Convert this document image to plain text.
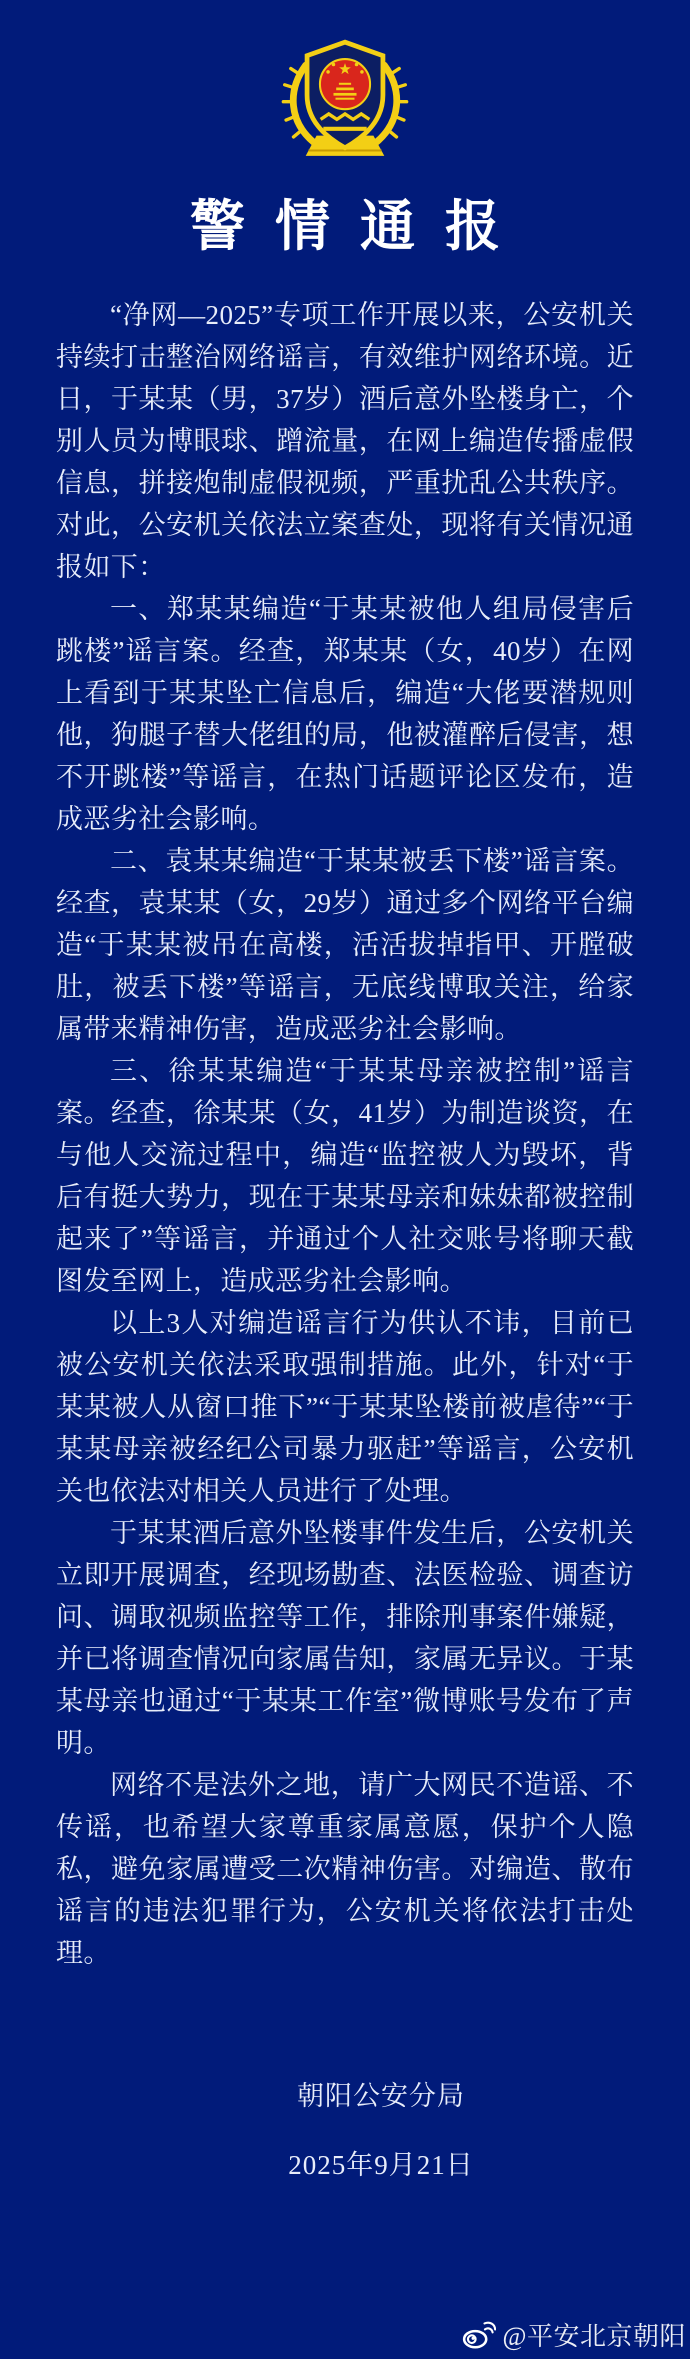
警情通报

“净网—2025”专项工作开展以来，公安机关持续打击整治网络谣言，有效维护网络环境。近日，于某某（男，37岁）酒后意外坠楼身亡，个别人员为博眼球、蹭流量，在网上编造传播虚假信息，拼接炮制虚假视频，严重扰乱公共秩序。对此，公安机关依法立案查处，现将有关情况通报如下：

一、郑某某编造“于某某被他人组局侵害后跳楼”谣言案。经查，郑某某（女，40岁）在网上看到于某某坠亡信息后，编造“大佬要潜规则他，狗腿子替大佬组的局，他被灌醉后侵害，想不开跳楼”等谣言，在热门话题评论区发布，造成恶劣社会影响。

二、袁某某编造“于某某被丢下楼”谣言案。经查，袁某某（女，29岁）通过多个网络平台编造“于某某被吊在高楼，活活拔掉指甲、开膛破肚，被丢下楼”等谣言，无底线博取关注，给家属带来精神伤害，造成恶劣社会影响。

三、徐某某编造“于某某母亲被控制”谣言案。经查，徐某某（女，41岁）为制造谈资，在与他人交流过程中，编造“监控被人为毁坏，背后有挺大势力，现在于某某母亲和妹妹都被控制起来了”等谣言，并通过个人社交账号将聊天截图发至网上，造成恶劣社会影响。

以上3人对编造谣言行为供认不讳，目前已被公安机关依法采取强制措施。此外，针对“于某某被人从窗口推下”“于某某坠楼前被虐待”“于某某母亲被经纪公司暴力驱赶”等谣言，公安机关也依法对相关人员进行了处理。

于某某酒后意外坠楼事件发生后，公安机关立即开展调查，经现场勘查、法医检验、调查访问、调取视频监控等工作，排除刑事案件嫌疑，并已将调查情况向家属告知，家属无异议。于某某母亲也通过“于某某工作室”微博账号发布了声明。

网络不是法外之地，请广大网民不造谣、不传谣，也希望大家尊重家属意愿，保护个人隐私，避免家属遭受二次精神伤害。对编造、散布谣言的违法犯罪行为，公安机关将依法打击处理。

朝阳公安分局

2025年9月21日

@平安北京朝阳
